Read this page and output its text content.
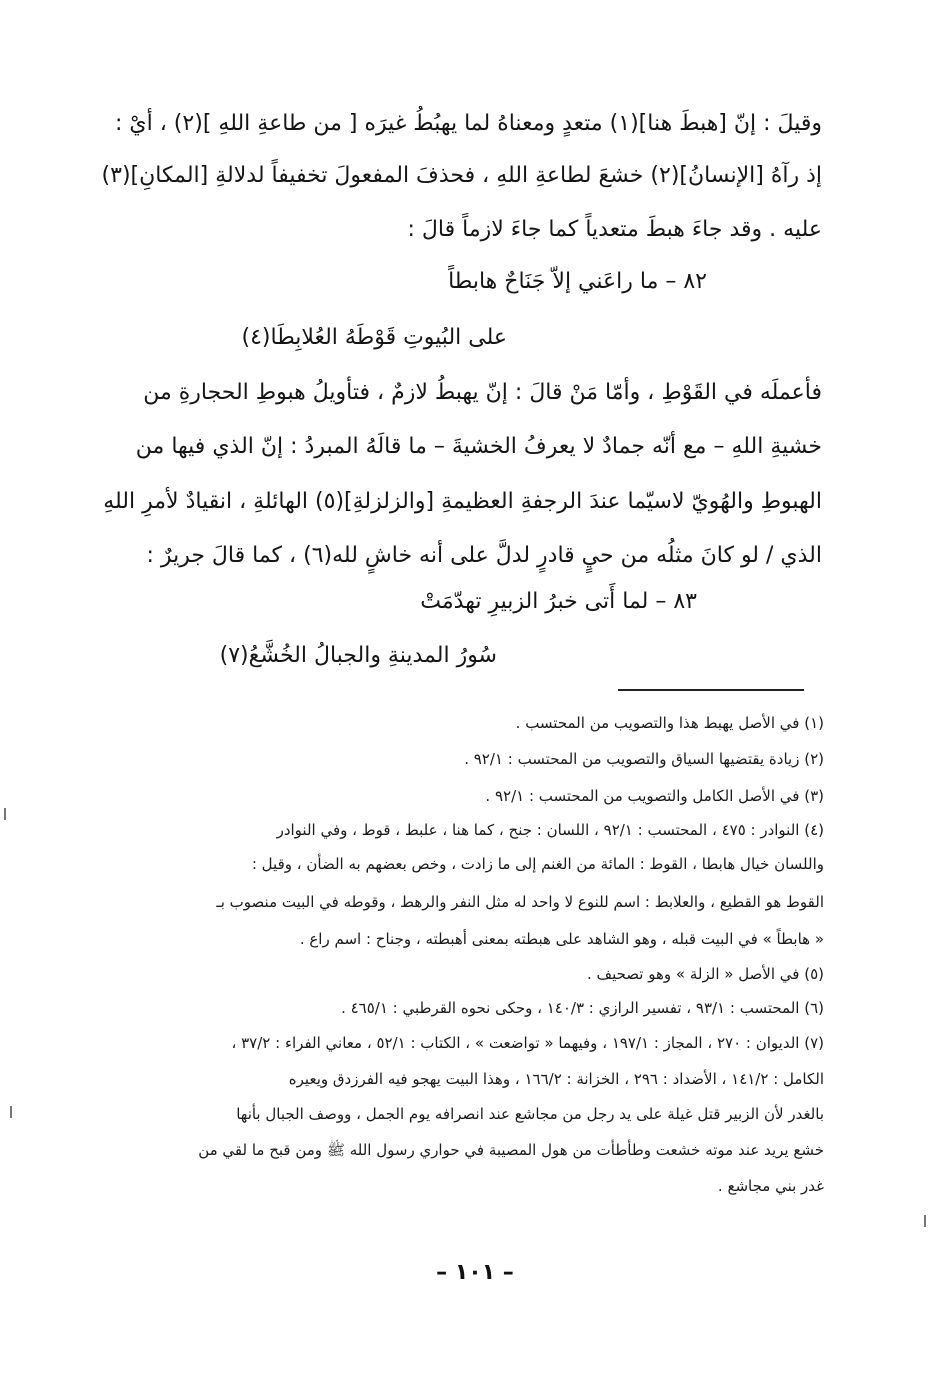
وقيلَ : إنّ [هبطَ هنا](١) متعدٍ ومعناهُ لما يهبُطُ غيرَه [ من طاعةِ اللهِ ](٢) ، أيْ :
إذ رآهُ [الإنسانُ](٢) خشعَ لطاعةِ اللهِ ، فحذفَ المفعولَ تخفيفاً لدلالةِ [المكانِ](٣)
عليه . وقد جاءَ هبطَ متعدياً كما جاءَ لازماً قالَ :
٨٢ – ما راعَني إلاّ جَنَاحٌ هابطاً
على البُيوتِ قَوْطَهُ العُلابِطَا(٤)
فأعملَه في القَوْطِ ، وأمّا مَنْ قالَ : إنّ يهبطُ لازمٌ ، فتأويلُ هبوطِ الحجارةِ من
خشيةِ اللهِ – مع أنّه جمادٌ لا يعرفُ الخشيةَ – ما قالَهُ المبردُ : إنّ الذي فيها من
الهبوطِ والهُويّ لاسيّما عندَ الرجفةِ العظيمةِ [والزلزلةِ](٥) الهائلةِ ، انقيادٌ لأمرِ اللهِ
الذي / لو كانَ مثلُه من حيٍ قادرٍ لدلَّ على أنه خاشٍ لله(٦) ، كما قالَ جريرٌ :
٨٣ – لما أَتى خبرُ الزبيرِ تهدّمَتْ
سُورُ المدينةِ والجبالُ الخُشَّعُ(٧)
(١) في الأصل يهبط هذا والتصويب من المحتسب .
(٢) زيادة يقتضيها السياق والتصويب من المحتسب : ٩٢/١ .
(٣) في الأصل الكامل والتصويب من المحتسب : ٩٢/١ .
(٤) النوادر : ٤٧٥ ، المحتسب : ٩٢/١ ، اللسان : جنح ، كما هنا ، علبط ، قوط ، وفي النوادر
واللسان خيال هابطا ، القوط : المائة من الغنم إلى ما زادت ، وخص بعضهم به الضأن ، وقيل :
القوط هو القطيع ، والعلابط : اسم للنوع لا واحد له مثل النفر والرهط ، وقوطه في البيت منصوب بـ
« هابطاً » في البيت قبله ، وهو الشاهد على هبطته بمعنى أهبطته ، وجناح : اسم راع .
(٥) في الأصل « الزلة » وهو تصحيف .
(٦) المحتسب : ٩٣/١ ، تفسير الرازي : ١٤٠/٣ ، وحكى نحوه القرطبي : ٤٦٥/١ .
(٧) الديوان : ٢٧٠ ، المجاز : ١٩٧/١ ، وفيهما « تواضعت » ، الكتاب : ٥٢/١ ، معاني الفراء : ٣٧/٢ ،
الكامل : ١٤١/٢ ، الأضداد : ٢٩٦ ، الخزانة : ١٦٦/٢ ، وهذا البيت يهجو فيه الفرزدق ويعيره
بالغدر لأن الزبير قتل غيلة على يد رجل من مجاشع عند انصرافه يوم الجمل ، ووصف الجبال بأنها
خشع يريد عند موته خشعت وطأطأت من هول المصيبة في حواري رسول الله ﷺ ومن قبح ما لقي من
غدر بني مجاشع .
– ١٠١ –
